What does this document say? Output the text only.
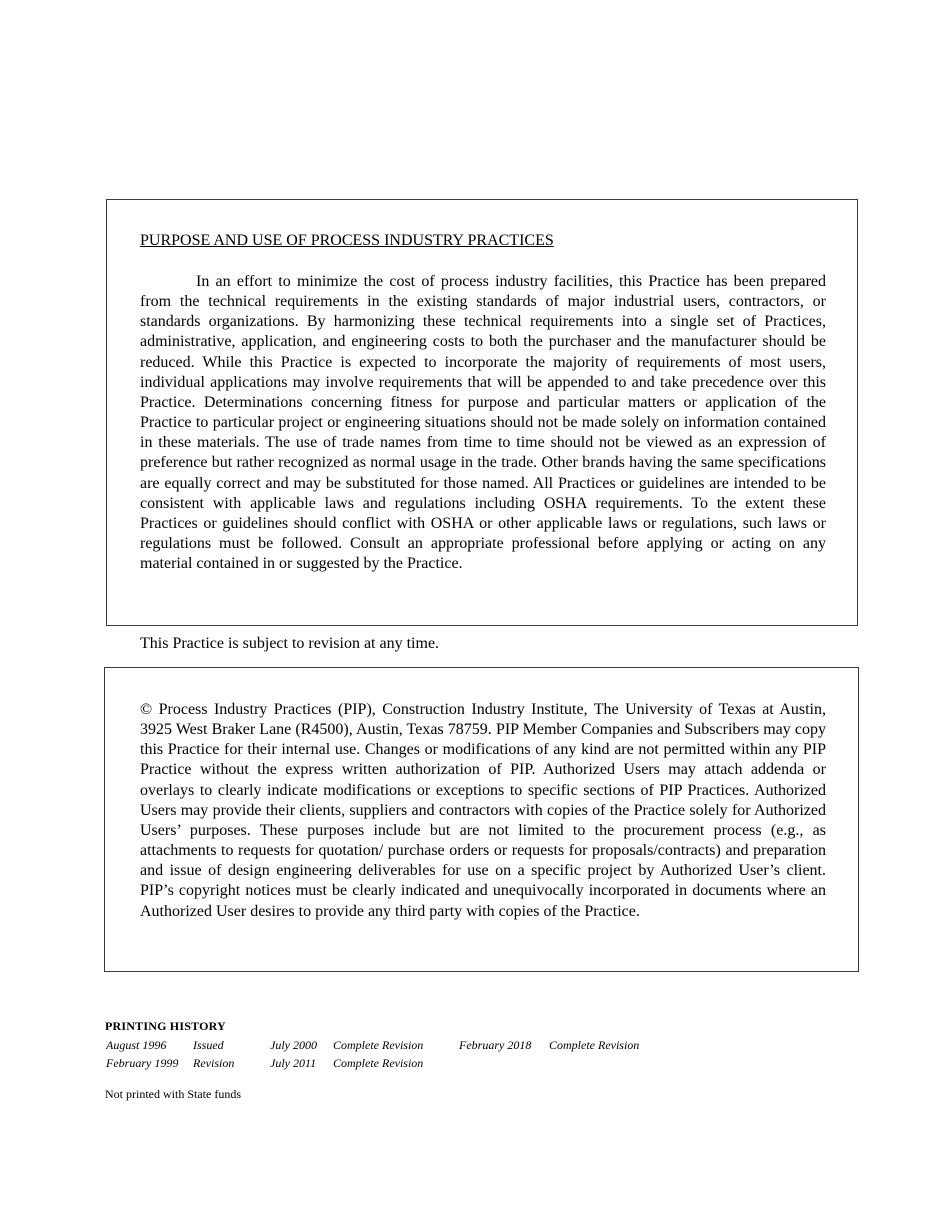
PURPOSE AND USE OF PROCESS INDUSTRY PRACTICES

In an effort to minimize the cost of process industry facilities, this Practice has been prepared from the technical requirements in the existing standards of major industrial users, contractors, or standards organizations. By harmonizing these technical requirements into a single set of Practices, administrative, application, and engineering costs to both the purchaser and the manufacturer should be reduced. While this Practice is expected to incorporate the majority of requirements of most users, individual applications may involve requirements that will be appended to and take precedence over this Practice. Determinations concerning fitness for purpose and particular matters or application of the Practice to particular project or engineering situations should not be made solely on information contained in these materials. The use of trade names from time to time should not be viewed as an expression of preference but rather recognized as normal usage in the trade. Other brands having the same specifications are equally correct and may be substituted for those named. All Practices or guidelines are intended to be consistent with applicable laws and regulations including OSHA requirements. To the extent these Practices or guidelines should conflict with OSHA or other applicable laws or regulations, such laws or regulations must be followed. Consult an appropriate professional before applying or acting on any material contained in or suggested by the Practice.

This Practice is subject to revision at any time.

© Process Industry Practices (PIP), Construction Industry Institute, The University of Texas at Austin, 3925 West Braker Lane (R4500), Austin, Texas 78759. PIP Member Companies and Subscribers may copy this Practice for their internal use. Changes or modifications of any kind are not permitted within any PIP Practice without the express written authorization of PIP. Authorized Users may attach addenda or overlays to clearly indicate modifications or exceptions to specific sections of PIP Practices. Authorized Users may provide their clients, suppliers and contractors with copies of the Practice solely for Authorized Users’ purposes. These purposes include but are not limited to the procurement process (e.g., as attachments to requests for quotation/ purchase orders or requests for proposals/contracts) and preparation and issue of design engineering deliverables for use on a specific project by Authorized User’s client. PIP’s copyright notices must be clearly indicated and unequivocally incorporated in documents where an Authorized User desires to provide any third party with copies of the Practice.

PRINTING HISTORY
August 1996 Issued
February 1999 Revision
July 2000 Complete Revision
July 2011 Complete Revision
February 2018 Complete Revision
Not printed with State funds
